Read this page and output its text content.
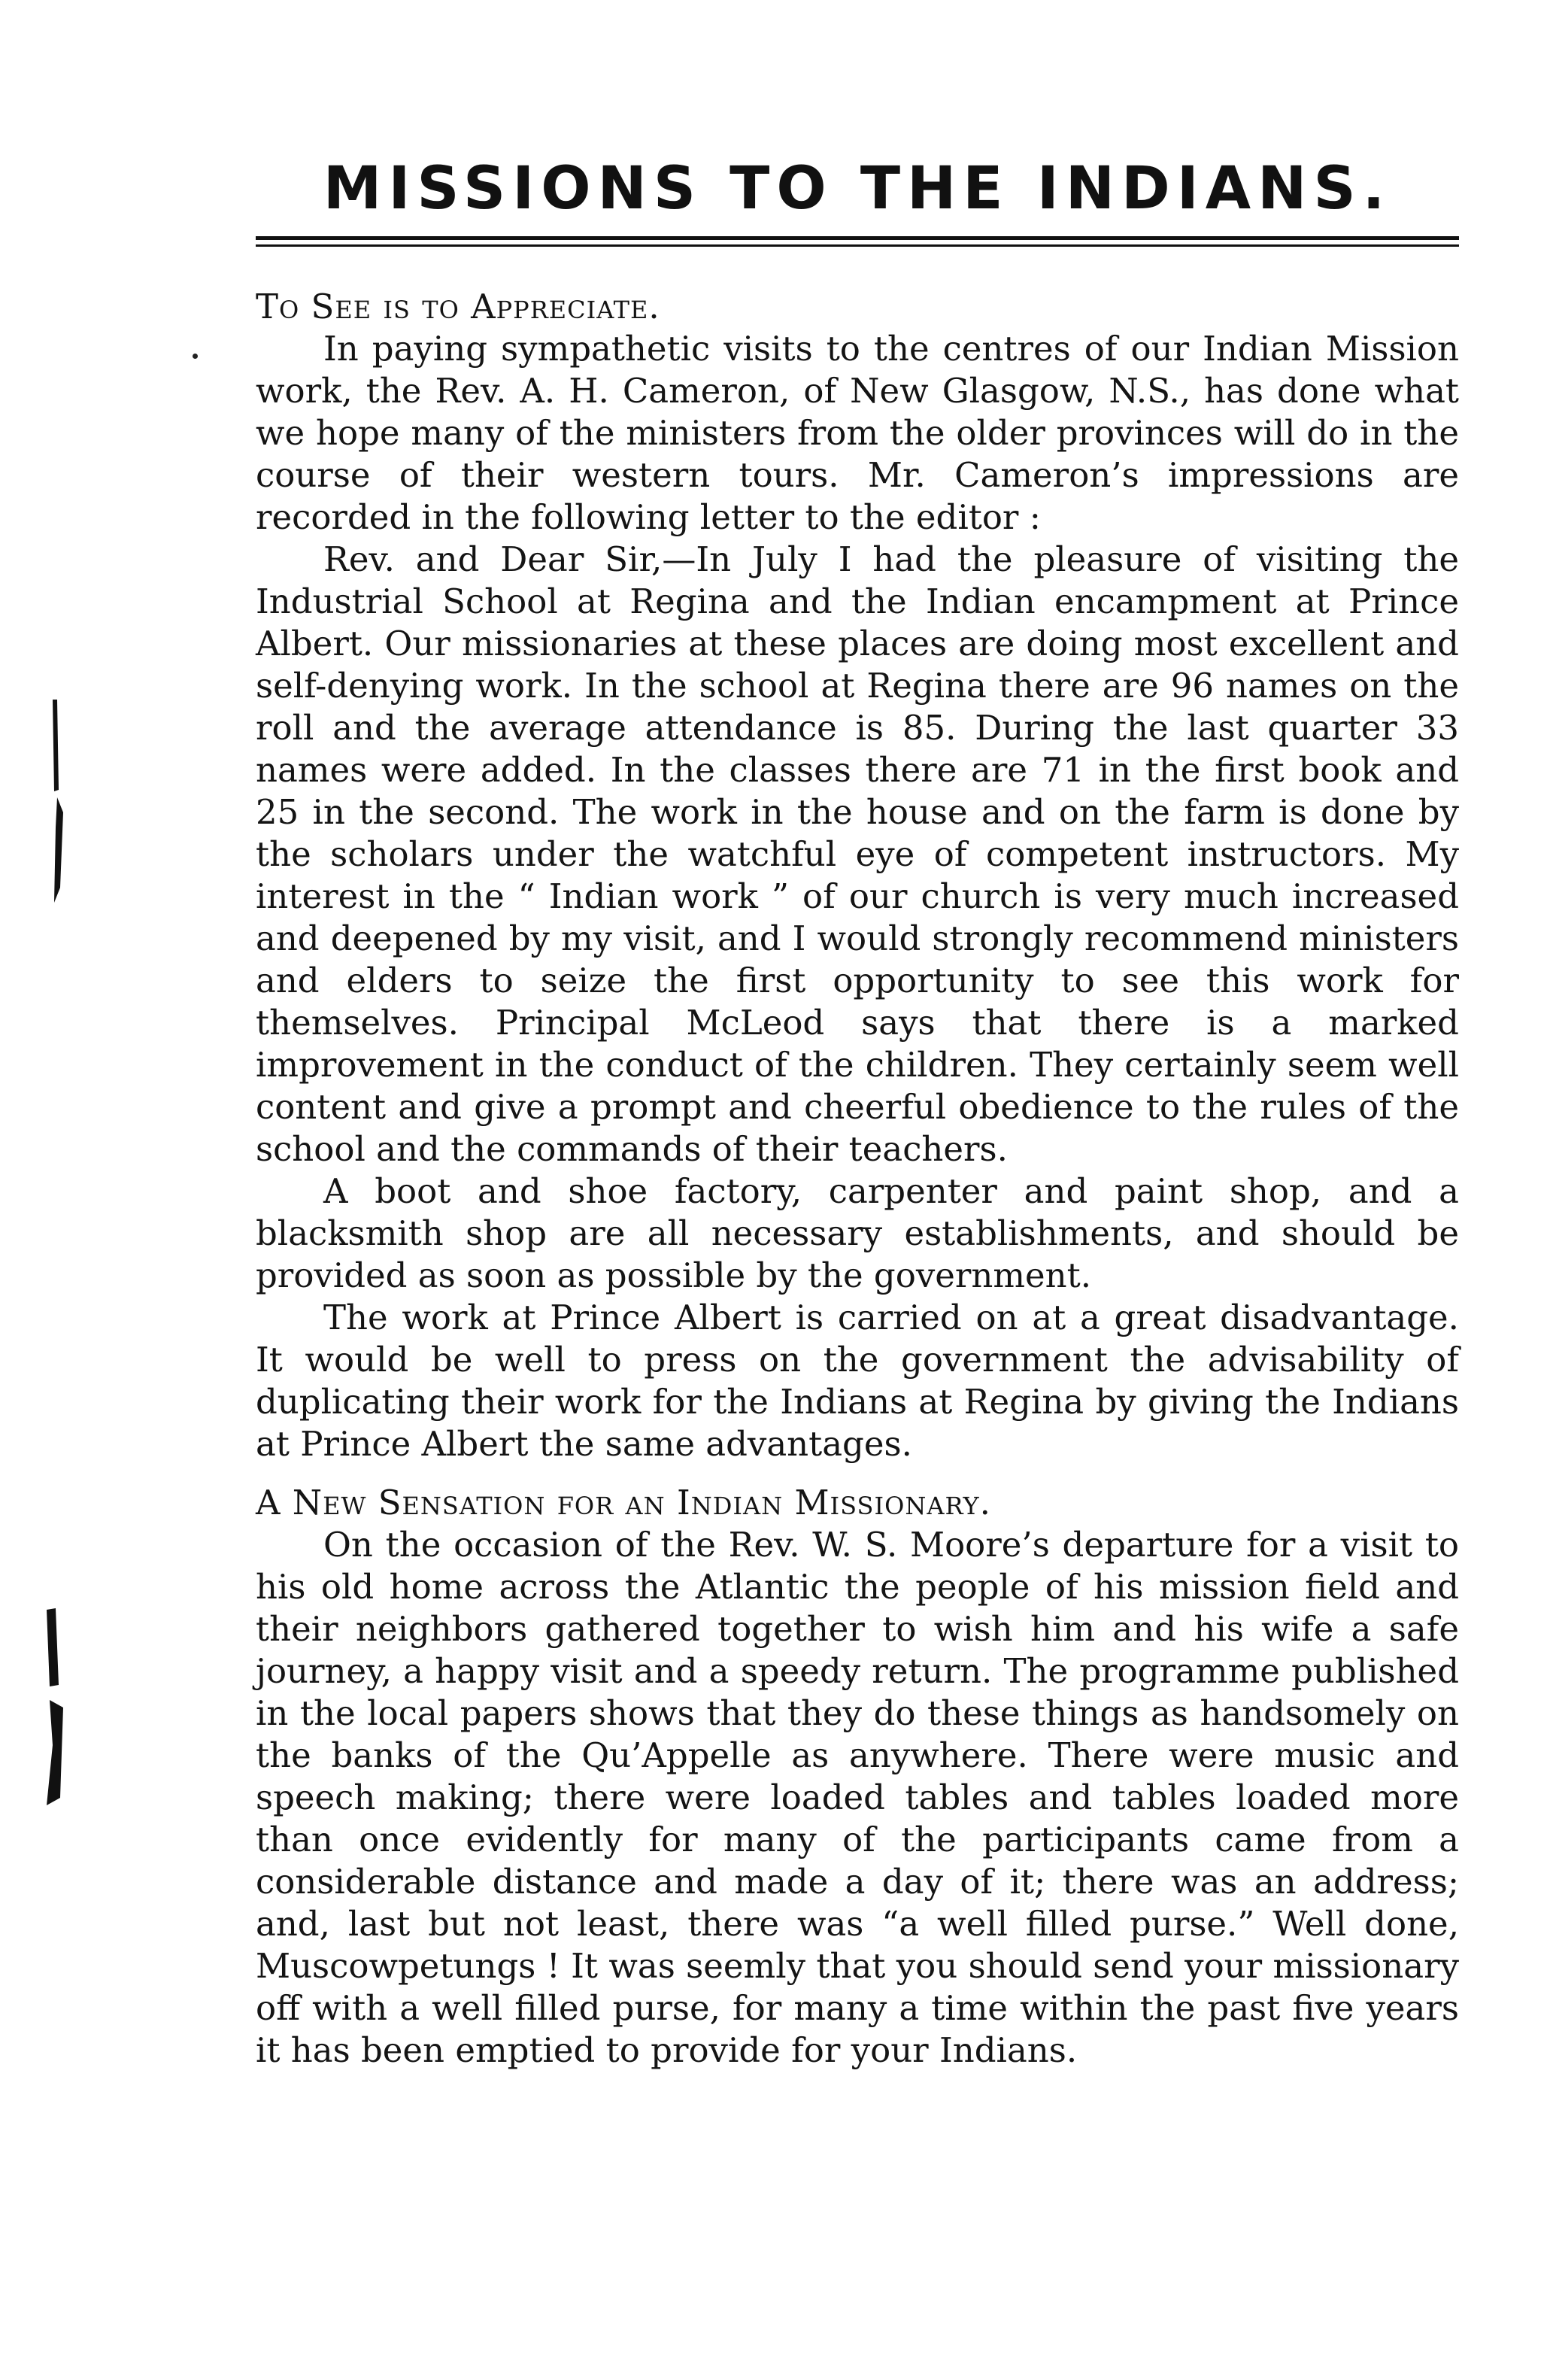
MISSIONS TO THE INDIANS.
To See is to Appreciate.

In paying sympathetic visits to the centres of our Indian Mission work, the Rev. A. H. Cameron, of New Glasgow, N.S., has done what we hope many of the ministers from the older provinces will do in the course of their western tours. Mr. Cameron’s impressions are recorded in the following letter to the editor :

Rev. and Dear Sir,—In July I had the pleasure of visiting the Industrial School at Regina and the Indian encampment at Prince Albert. Our missionaries at these places are doing most excellent and self-denying work. In the school at Regina there are 96 names on the roll and the average attendance is 85. During the last quarter 33 names were added. In the classes there are 71 in the first book and 25 in the second. The work in the house and on the farm is done by the scholars under the watchful eye of competent instructors. My interest in the “ Indian work ” of our church is very much increased and deepened by my visit, and I would strongly recommend ministers and elders to seize the first opportunity to see this work for themselves. Principal McLeod says that there is a marked improvement in the conduct of the children. They certainly seem well content and give a prompt and cheerful obedience to the rules of the school and the commands of their teachers.

A boot and shoe factory, carpenter and paint shop, and a blacksmith shop are all necessary establishments, and should be provided as soon as possible by the government.

The work at Prince Albert is carried on at a great disadvantage. It would be well to press on the government the advisability of duplicating their work for the Indians at Regina by giving the Indians at Prince Albert the same advantages.

A New Sensation for an Indian Missionary.

On the occasion of the Rev. W. S. Moore’s departure for a visit to his old home across the Atlantic the people of his mission field and their neighbors gathered together to wish him and his wife a safe journey, a happy visit and a speedy return. The programme published in the local papers shows that they do these things as handsomely on the banks of the Qu’Appelle as anywhere. There were music and speech making; there were loaded tables and tables loaded more than once evidently for many of the participants came from a considerable distance and made a day of it; there was an address; and, last but not least, there was “a well filled purse.” Well done, Muscowpetungs ! It was seemly that you should send your missionary off with a well filled purse, for many a time within the past five years it has been emptied to provide for your Indians.
